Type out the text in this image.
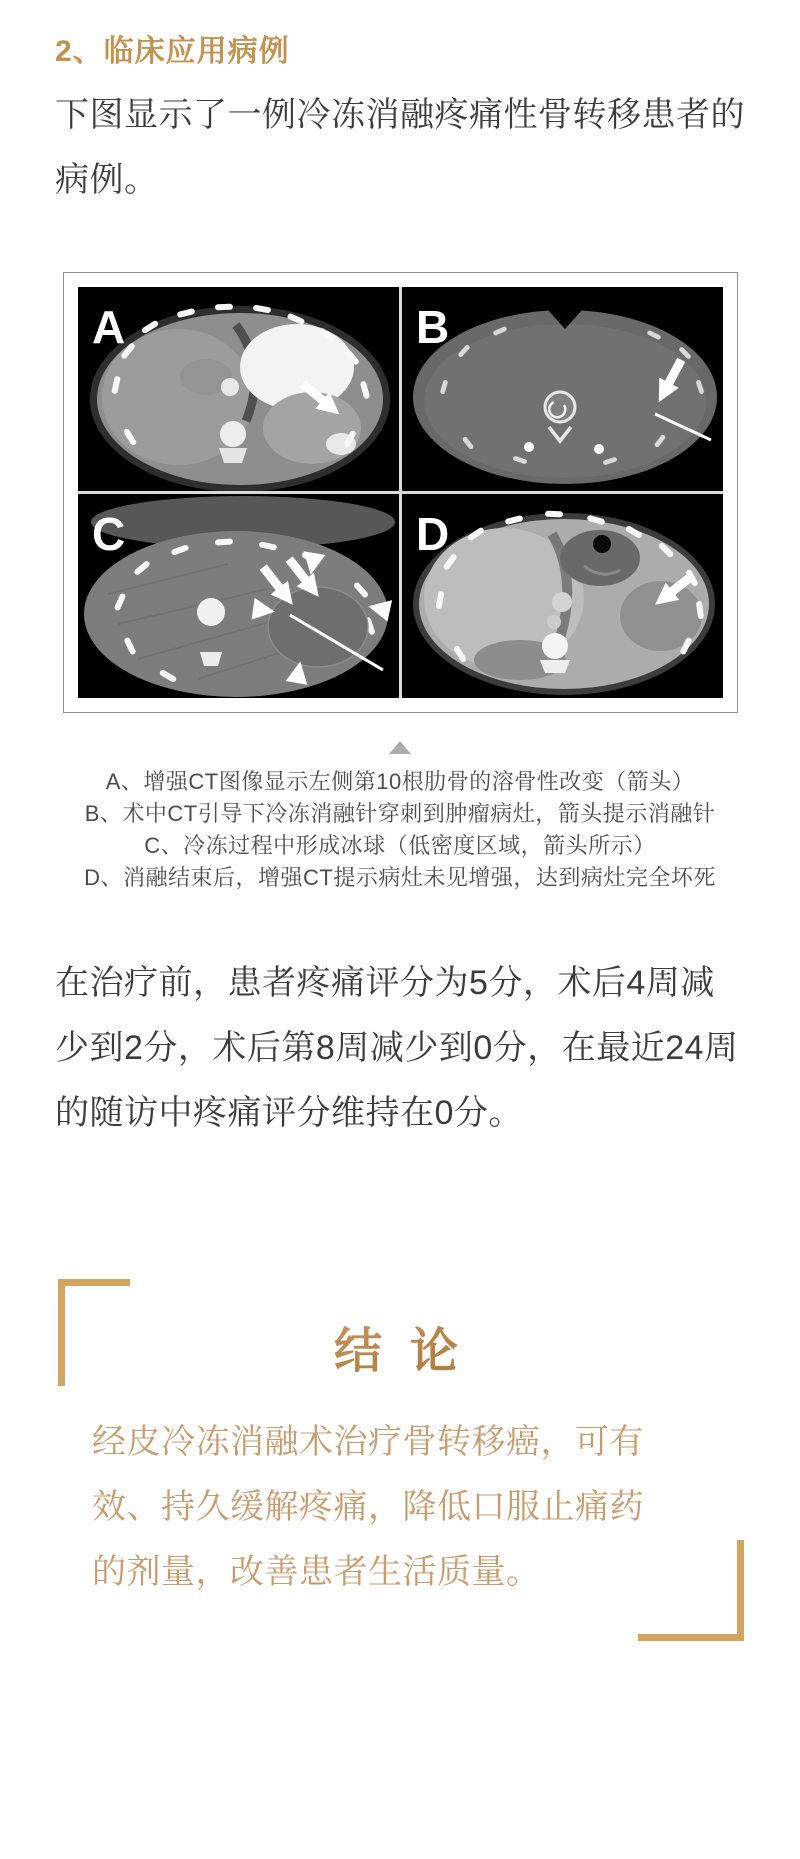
2、临床应用病例
下图显示了一例冷冻消融疼痛性骨转移患者的
病例。
A	B
C	D
A、增强CT图像显示左侧第10根肋骨的溶骨性改变（箭头）
B、术中CT引导下冷冻消融针穿刺到肿瘤病灶，箭头提示消融针
C、冷冻过程中形成冰球（低密度区域，箭头所示）
D、消融结束后，增强CT提示病灶未见增强，达到病灶完全坏死
在治疗前，患者疼痛评分为5分，术后4周减
少到2分，术后第8周减少到0分，在最近24周
的随访中疼痛评分维持在0分。
结 论
经皮冷冻消融术治疗骨转移癌，可有
效、持久缓解疼痛，降低口服止痛药
的剂量，改善患者生活质量。
